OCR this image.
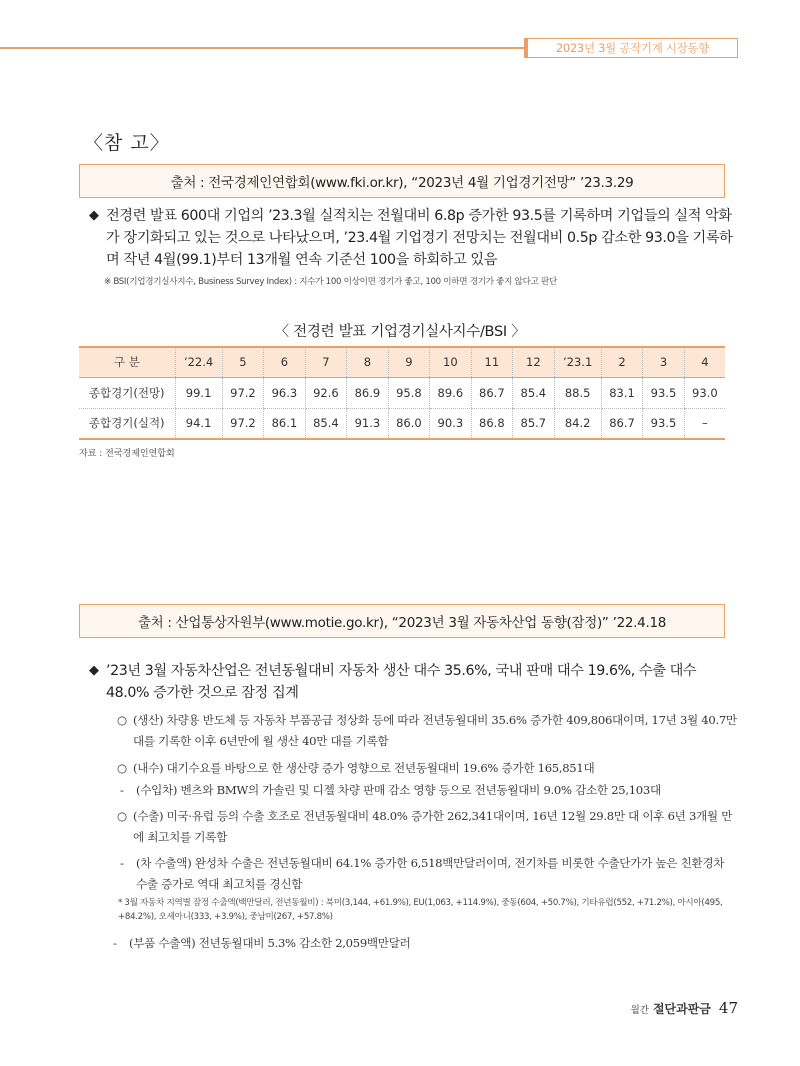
2023년 3월 공작기계 시장동향
〈참 고〉
출처 : 전국경제인연합회(www.fki.or.kr), “2023년 4월 기업경기전망” ’23.3.29
◆ 전경련 발표 600대 기업의 ’23.3월 실적치는 전월대비 6.8p 증가한 93.5를 기록하며 기업들의 실적 악화가 장기화되고 있는 것으로 나타났으며, ’23.4월 기업경기 전망치는 전월대비 0.5p 감소한 93.0을 기록하며 작년 4월(99.1)부터 13개월 연속 기준선 100을 하회하고 있음
※ BSI(기업경기실사지수, Business Survey Index) : 지수가 100 이상이면 경기가 좋고, 100 이하면 경기가 좋지 않다고 판단
〈 전경련 발표 기업경기실사지수/BSI 〉
구 분	’22.4	5	6	7	8	9	10	11	12	’23.1	2	3	4
종합경기(전망)	99.1	97.2	96.3	92.6	86.9	95.8	89.6	86.7	85.4	88.5	83.1	93.5	93.0
종합경기(실적)	94.1	97.2	86.1	85.4	91.3	86.0	90.3	86.8	85.7	84.2	86.7	93.5	–
자료 : 전국경제인연합회
출처 : 산업통상자원부(www.motie.go.kr), “2023년 3월 자동차산업 동향(잠정)” ’22.4.18
◆ ’23년 3월 자동차산업은 전년동월대비 자동차 생산 대수 35.6%, 국내 판매 대수 19.6%, 수출 대수 48.0% 증가한 것으로 잠정 집계
○ (생산) 차량용 반도체 등 자동차 부품공급 정상화 등에 따라 전년동월대비 35.6% 증가한 409,806대이며, 17년 3월 40.7만대를 기록한 이후 6년만에 월 생산 40만 대를 기록함
○ (내수) 대기수요를 바탕으로 한 생산량 증가 영향으로 전년동월대비 19.6% 증가한 165,851대
-	(수입차) 벤츠와 BMW의 가솔린 및 디젤 차량 판매 감소 영향 등으로 전년동월대비 9.0% 감소한 25,103대
○ (수출) 미국·유럽 등의 수출 호조로 전년동월대비 48.0% 증가한 262,341대이며, 16년 12월 29.8만 대 이후 6년 3개월 만에 최고치를 기록함
-	(차 수출액) 완성차 수출은 전년동월대비 64.1% 증가한 6,518백만달러이며, 전기차를 비롯한 수출단가가 높은 친환경차 수출 증가로 역대 최고치를 경신함
* 3월 자동차 지역별 잠정 수출액(백만달러, 전년동월비) : 북미(3,144, +61.9%), EU(1,063, +114.9%), 중동(604, +50.7%), 기타유럽(552, +71.2%), 아시아(495, +84.2%), 오세아니(333, +3.9%), 중남미(267, +57.8%)
-	(부품 수출액) 전년동월대비 5.3% 감소한 2,059백만달러
월간 절단과판금 47
